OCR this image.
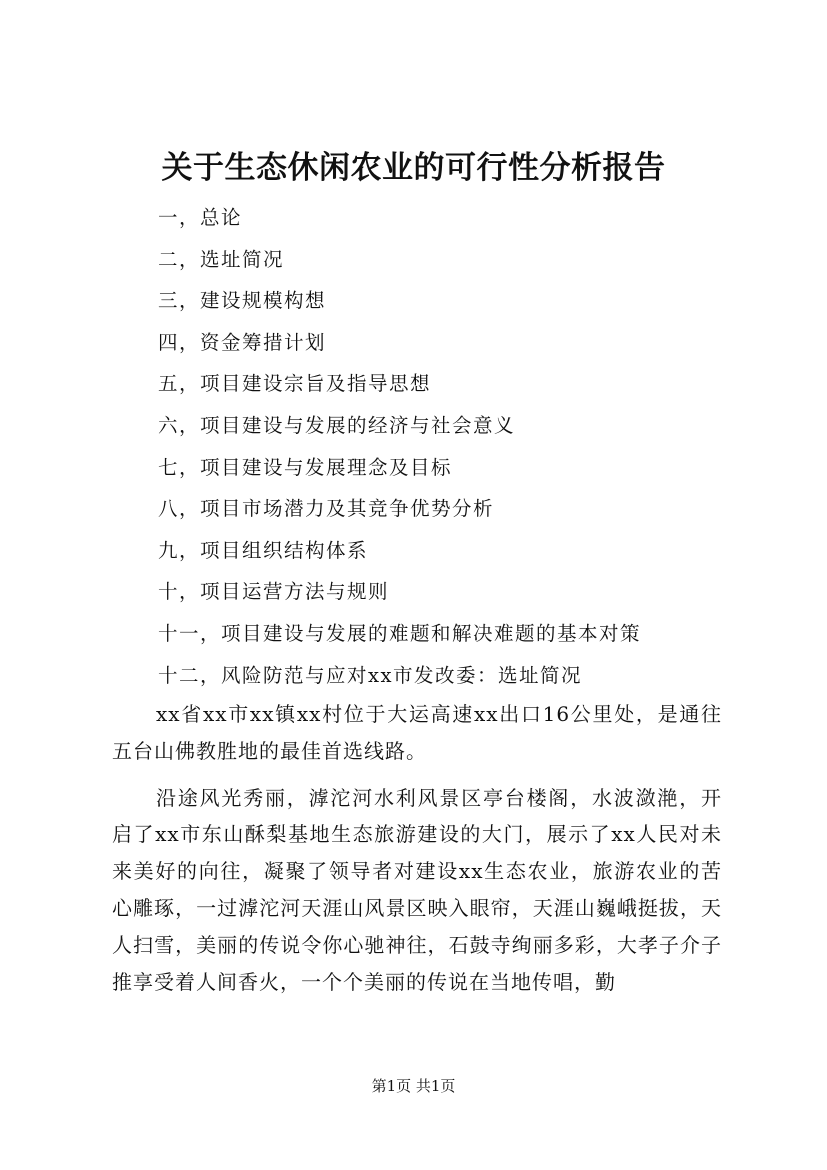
关于生态休闲农业的可行性分析报告
一，总论
二，选址简况
三，建设规模构想
四，资金筹措计划
五，项目建设宗旨及指导思想
六，项目建设与发展的经济与社会意义
七，项目建设与发展理念及目标
八，项目市场潜力及其竞争优势分析
九，项目组织结构体系
十，项目运营方法与规则
十一，项目建设与发展的难题和解决难题的基本对策
十二，风险防范与应对xx市发改委：选址简况

xx省xx市xx镇xx村位于大运高速xx出口16公里处，是通往五台山佛教胜地的最佳首选线路。

沿途风光秀丽，滹沱河水利风景区亭台楼阁，水波潋滟，开启了xx市东山酥梨基地生态旅游建设的大门，展示了xx人民对未来美好的向往，凝聚了领导者对建设xx生态农业，旅游农业的苦心雕琢，一过滹沱河天涯山风景区映入眼帘，天涯山巍峨挺拔，天人扫雪，美丽的传说令你心驰神往，石鼓寺绚丽多彩，大孝子介子推享受着人间香火，一个个美丽的传说在当地传唱，勤

第1页 共1页
